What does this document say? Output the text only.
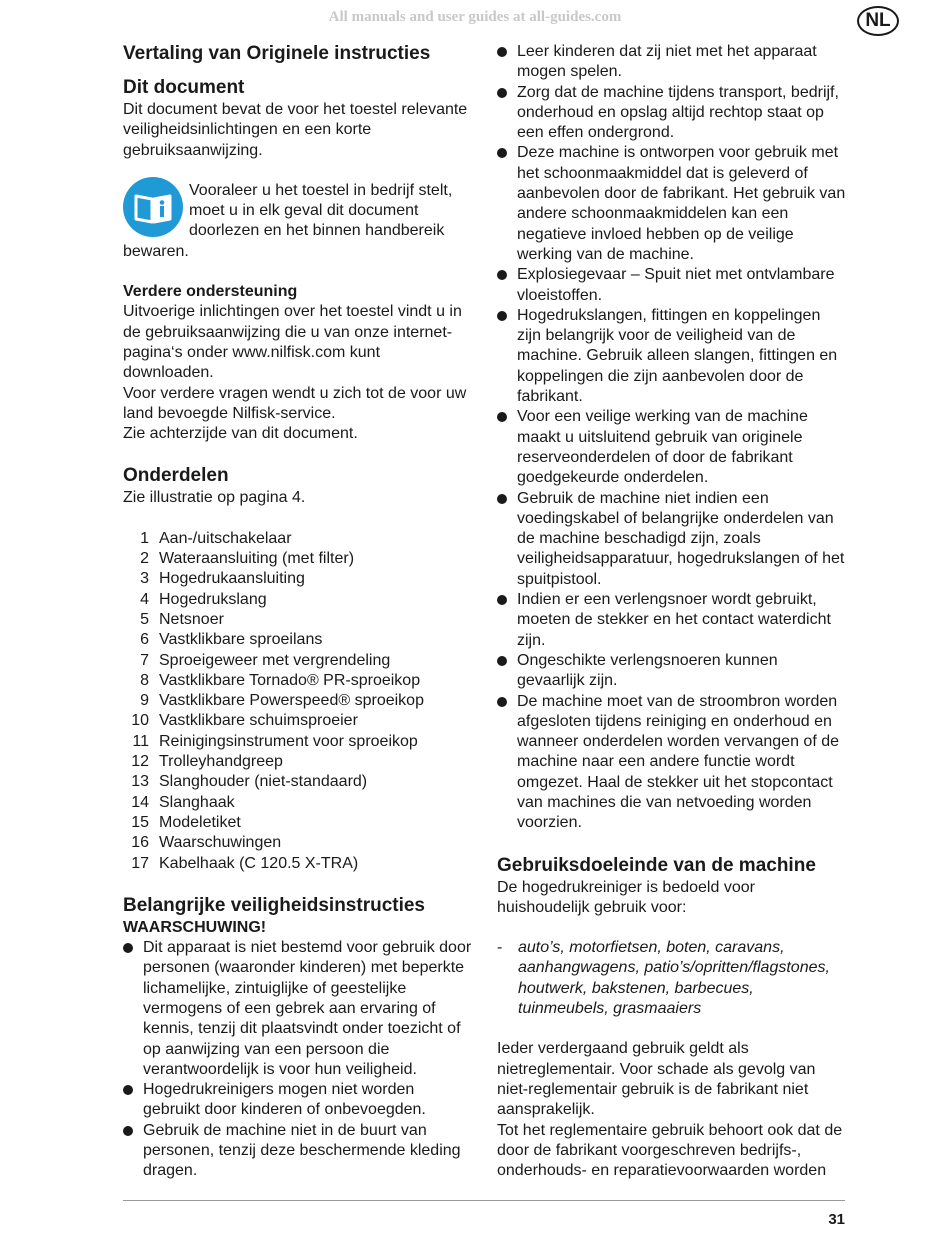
All manuals and user guides at all-guides.com	NL
Vertaling van Originele instructies
Dit document

Dit document bevat de voor het toestel relevante veiligheidsinlichtingen en een korte gebruiksaanwijzing.

Vooraleer u het toestel in bedrijf stelt, moet u in elk geval dit document doorlezen en het binnen handbereik bewaren.

Verdere ondersteuning

Uitvoerige inlichtingen over het toestel vindt u in de gebruiksaanwijzing die u van onze internet-pagina‘s onder www.nilfisk.com kunt downloaden.

Voor verdere vragen wendt u zich tot de voor uw land bevoegde Nilfisk-service.

Zie achterzijde van dit document.

Onderdelen

Zie illustratie op pagina 4.

1 Aan-/uitschakelaar
2 Wateraansluiting (met filter)
3 Hogedrukaansluiting
4 Hogedrukslang
5 Netsnoer
6 Vastklikbare sproeilans
7 Sproeigeweer met vergrendeling
8 Vastklikbare Tornado® PR-sproeikop
9 Vastklikbare Powerspeed® sproeikop
10 Vastklikbare schuimsproeier
11 Reinigingsinstrument voor sproeikop
12 Trolleyhandgreep
13 Slanghouder (niet-standaard)
14 Slanghaak
15 Modeletiket
16 Waarschuwingen
17 Kabelhaak (C 120.5 X-TRA)
Belangrijke veiligheidsinstructies
WAARSCHUWING!
Dit apparaat is niet bestemd voor gebruik door personen (waaronder kinderen) met beperkte lichamelijke, zintuiglijke of geestelijke vermogens of een gebrek aan ervaring of kennis, tenzij dit plaatsvindt onder toezicht of op aanwijzing van een persoon die verantwoordelijk is voor hun veiligheid.
Hogedrukreinigers mogen niet worden gebruikt door kinderen of onbevoegden.
Gebruik de machine niet in de buurt van personen, tenzij deze beschermende kleding dragen.
Leer kinderen dat zij niet met het apparaat mogen spelen.
Zorg dat de machine tijdens transport, bedrijf, onderhoud en opslag altijd rechtop staat op een effen ondergrond.
Deze machine is ontworpen voor gebruik met het schoonmaakmiddel dat is geleverd of aanbevolen door de fabrikant. Het gebruik van andere schoonmaakmiddelen kan een negatieve invloed hebben op de veilige werking van de machine.
Explosiegevaar – Spuit niet met ontvlambare vloeistoffen.
Hogedrukslangen, fittingen en koppelingen zijn belangrijk voor de veiligheid van de machine. Gebruik alleen slangen, fittingen en koppelingen die zijn aanbevolen door de fabrikant.
Voor een veilige werking van de machine maakt u uitsluitend gebruik van originele reserveonderdelen of door de fabrikant goedgekeurde onderdelen.
Gebruik de machine niet indien een voedingskabel of belangrijke onderdelen van de machine beschadigd zijn, zoals veiligheidsapparatuur, hogedrukslangen of het spuitpistool.
Indien er een verlengsnoer wordt gebruikt, moeten de stekker en het contact waterdicht zijn.
Ongeschikte verlengsnoeren kunnen gevaarlijk zijn.
De machine moet van de stroombron worden afgesloten tijdens reiniging en onderhoud en wanneer onderdelen worden vervangen of de machine naar een andere functie wordt omgezet. Haal de stekker uit het stopcontact van machines die van netvoeding worden voorzien.
Gebruiksdoeleinde van de machine

De hogedrukreiniger is bedoeld voor huishoudelijk gebruik voor:

- auto’s, motorfietsen, boten, caravans, aanhangwagens, patio’s/opritten/flagstones, houtwerk, bakstenen, barbecues, tuinmeubels, grasmaaiers

Ieder verdergaand gebruik geldt als nietreglementair. Voor schade als gevolg van niet-reglementair gebruik is de fabrikant niet aansprakelijk.

Tot het reglementaire gebruik behoort ook dat de door de fabrikant voorgeschreven bedrijfs-, onderhouds- en reparatievoorwaarden worden

31
